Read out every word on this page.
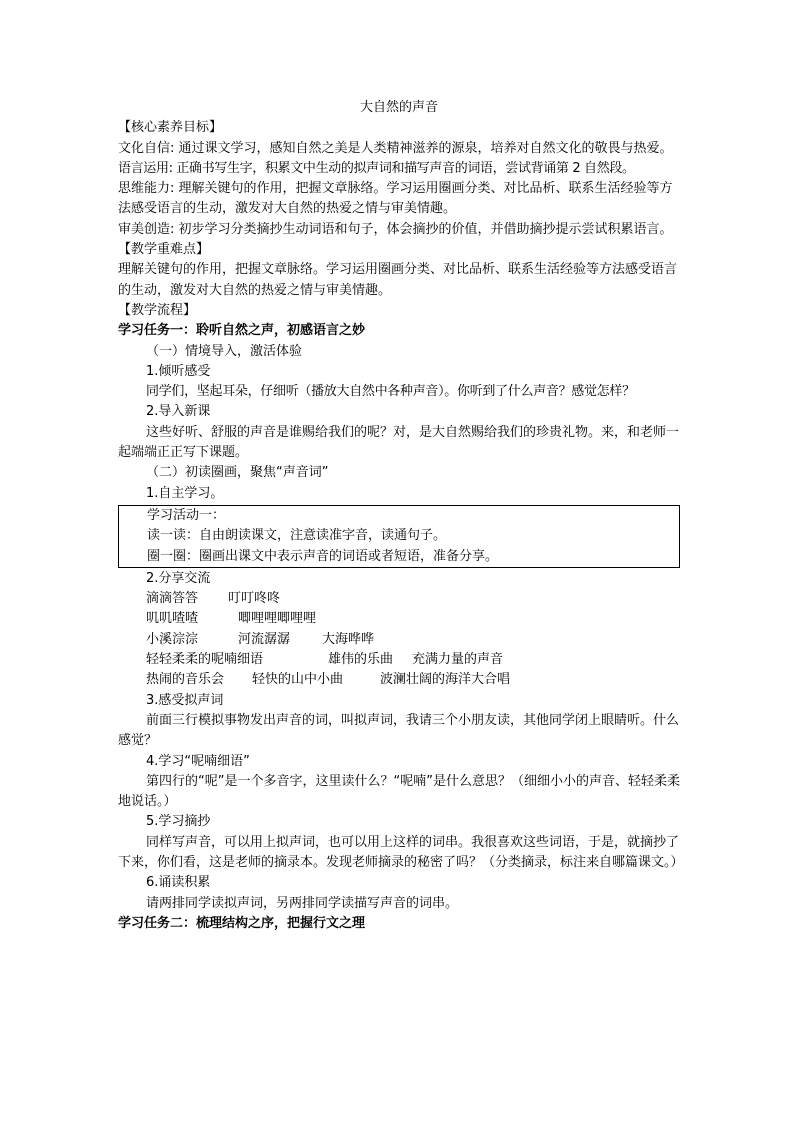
大自然的声音
【核心素养目标】
文化自信: 通过课文学习，感知自然之美是人类精神滋养的源泉，培养对自然文化的敬畏与热爱。
语言运用: 正确书写生字，积累文中生动的拟声词和描写声音的词语，尝试背诵第 2 自然段。
思维能力: 理解关键句的作用，把握文章脉络。学习运用圈画分类、对比品析、联系生活经验等方法感受语言的生动，激发对大自然的热爱之情与审美情趣。
审美创造: 初步学习分类摘抄生动词语和句子，体会摘抄的价值，并借助摘抄提示尝试积累语言。
【教学重难点】
理解关键句的作用，把握文章脉络。学习运用圈画分类、对比品析、联系生活经验等方法感受语言的生动，激发对大自然的热爱之情与审美情趣。
【教学流程】
学习任务一：聆听自然之声，初感语言之妙
（一）情境导入，激活体验
1.倾听感受
同学们，坚起耳朵，仔细听（播放大自然中各种声音）。你听到了什么声音？感觉怎样？
2.导入新课
这些好听、舒服的声音是谁赐给我们的呢？对，是大自然赐给我们的珍贵礼物。来，和老师一起端端正正写下课题。
（二）初读圈画，聚焦“声音词”
1.自主学习。
学习活动一：
读一读：自由朗读课文，注意读准字音，读通句子。
圈一圈：圈画出课文中表示声音的词语或者短语，准备分享。
2.分享交流
滴滴答答 叮叮咚咚
叽叽喳喳	唧哩哩唧哩哩
小溪淙淙	河流潺潺 大海哗哗
轻轻柔柔的呢喃细语	雄伟的乐曲 充满力量的声音
热闹的音乐会 轻快的山中小曲	波澜壮阔的海洋大合唱
3.感受拟声词
前面三行模拟事物发出声音的词，叫拟声词，我请三个小朋友读，其他同学闭上眼睛听。什么感觉？
4.学习“呢喃细语”
第四行的“呢”是一个多音字，这里读什么？“呢喃”是什么意思？（细细小小的声音、轻轻柔柔地说话。）
5.学习摘抄
同样写声音，可以用上拟声词，也可以用上这样的词串。我很喜欢这些词语，于是，就摘抄了下来，你们看，这是老师的摘录本。发现老师摘录的秘密了吗？（分类摘录，标注来自哪篇课文。）
6.诵读积累
请两排同学读拟声词，另两排同学读描写声音的词串。
学习任务二：梳理结构之序，把握行文之理
